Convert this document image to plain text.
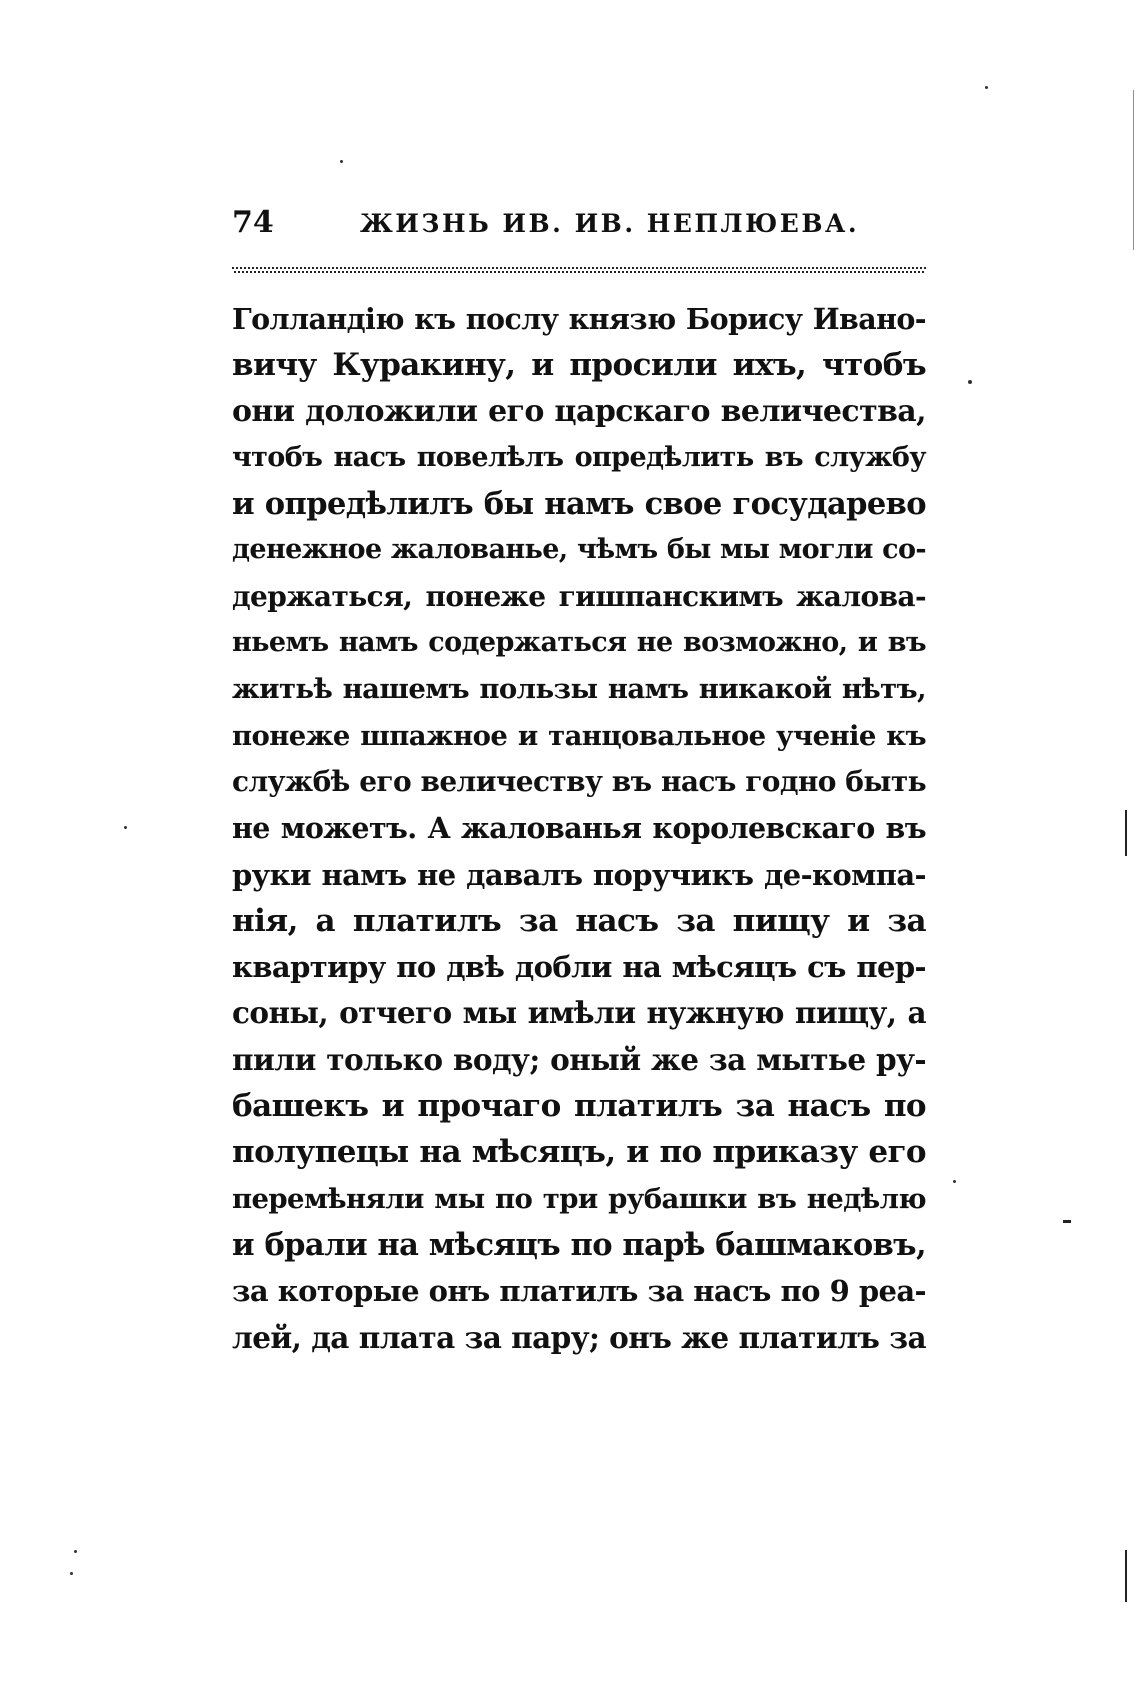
74	ЖИЗНЬ ИВ. ИВ. НЕПЛЮЕВА.
Голландію къ послу князю Борису Ивано-
вичу Куракину, и просили ихъ, чтобъ
они доложили его царскаго величества,
чтобъ насъ повелѣлъ опредѣлить въ службу
и опредѣлилъ бы намъ свое государево
денежное жалованье, чѣмъ бы мы могли со-
держаться, понеже гишпанскимъ жалова-
ньемъ намъ содержаться не возможно, и въ
житьѣ нашемъ пользы намъ никакой нѣтъ,
понеже шпажное и танцовальное ученіе къ
службѣ его величеству въ насъ годно быть
не можетъ. А жалованья королевскаго въ
руки намъ не давалъ поручикъ де-компа-
нія, а платилъ за насъ за пищу и за
квартиру по двѣ добли на мѣсяцъ съ пер-
соны, отчего мы имѣли нужную пищу, а
пили только воду; оный же за мытье ру-
башекъ и прочаго платилъ за насъ по
полупецы на мѣсяцъ, и по приказу его
перемѣняли мы по три рубашки въ недѣлю
и брали на мѣсяцъ по парѣ башмаковъ,
за которые онъ платилъ за насъ по 9 реа-
лей, да плата за пару; онъ же платилъ за
